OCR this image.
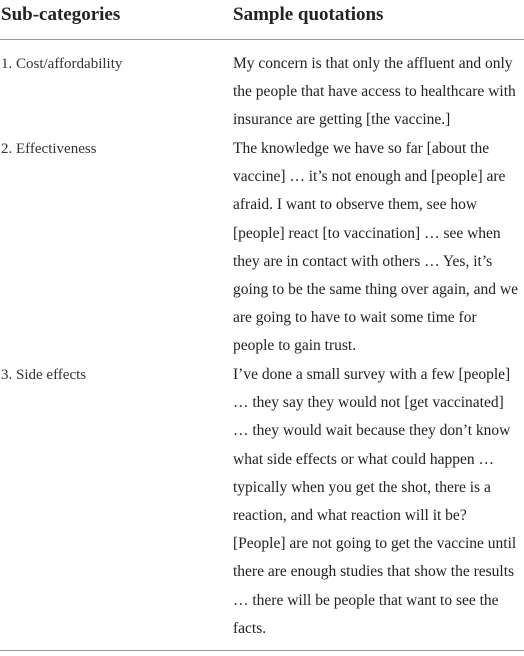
Sub-categories	Sample quotations
1. Cost/affordability	My concern is that only the affluent and only
the people that have access to healthcare with
insurance are getting [the vaccine.]
2. Effectiveness	The knowledge we have so far [about the
vaccine] … it’s not enough and [people] are
afraid. I want to observe them, see how
[people] react [to vaccination] … see when
they are in contact with others … Yes, it’s
going to be the same thing over again, and we
are going to have to wait some time for
people to gain trust.
3. Side effects	I’ve done a small survey with a few [people]
… they say they would not [get vaccinated]
… they would wait because they don’t know
what side effects or what could happen …
typically when you get the shot, there is a
reaction, and what reaction will it be?
[People] are not going to get the vaccine until
there are enough studies that show the results
… there will be people that want to see the
facts.
